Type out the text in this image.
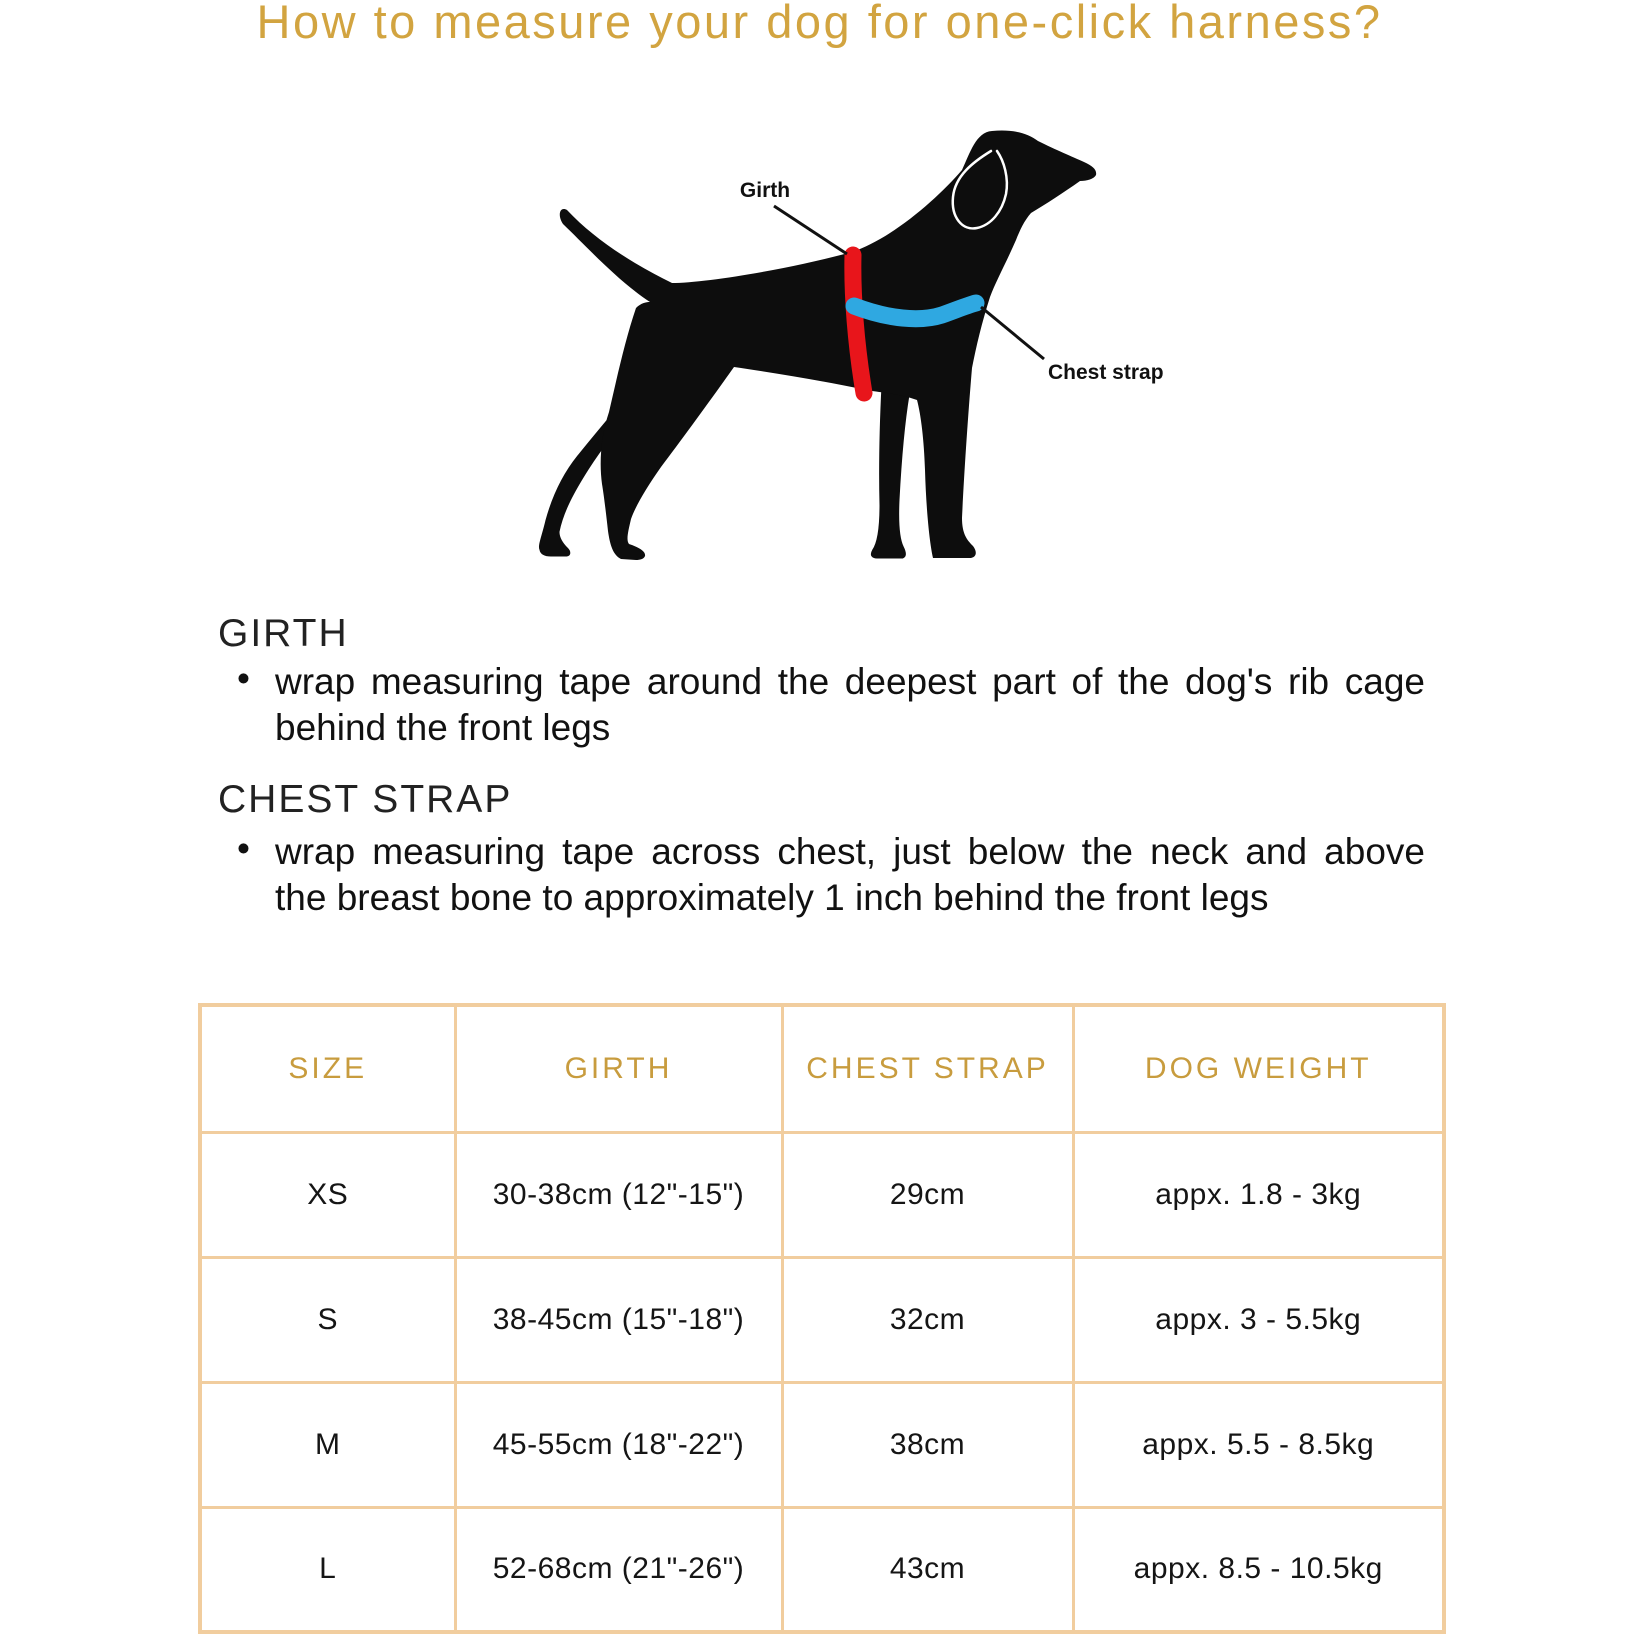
How to measure your dog for one-click harness?
Girth
Chest strap
GIRTH
• wrap measuring tape around the deepest part of the dog's rib cage
behind the front legs
CHEST STRAP
• wrap measuring tape across chest, just below the neck and above
the breast bone to approximately 1 inch behind the front legs
SIZE	GIRTH	CHEST STRAP	DOG WEIGHT
XS	30-38cm (12"-15")	29cm	appx. 1.8 - 3kg
S	38-45cm (15"-18")	32cm	appx. 3 - 5.5kg
M	45-55cm (18"-22")	38cm	appx. 5.5 - 8.5kg
L	52-68cm (21"-26")	43cm	appx. 8.5 - 10.5kg
